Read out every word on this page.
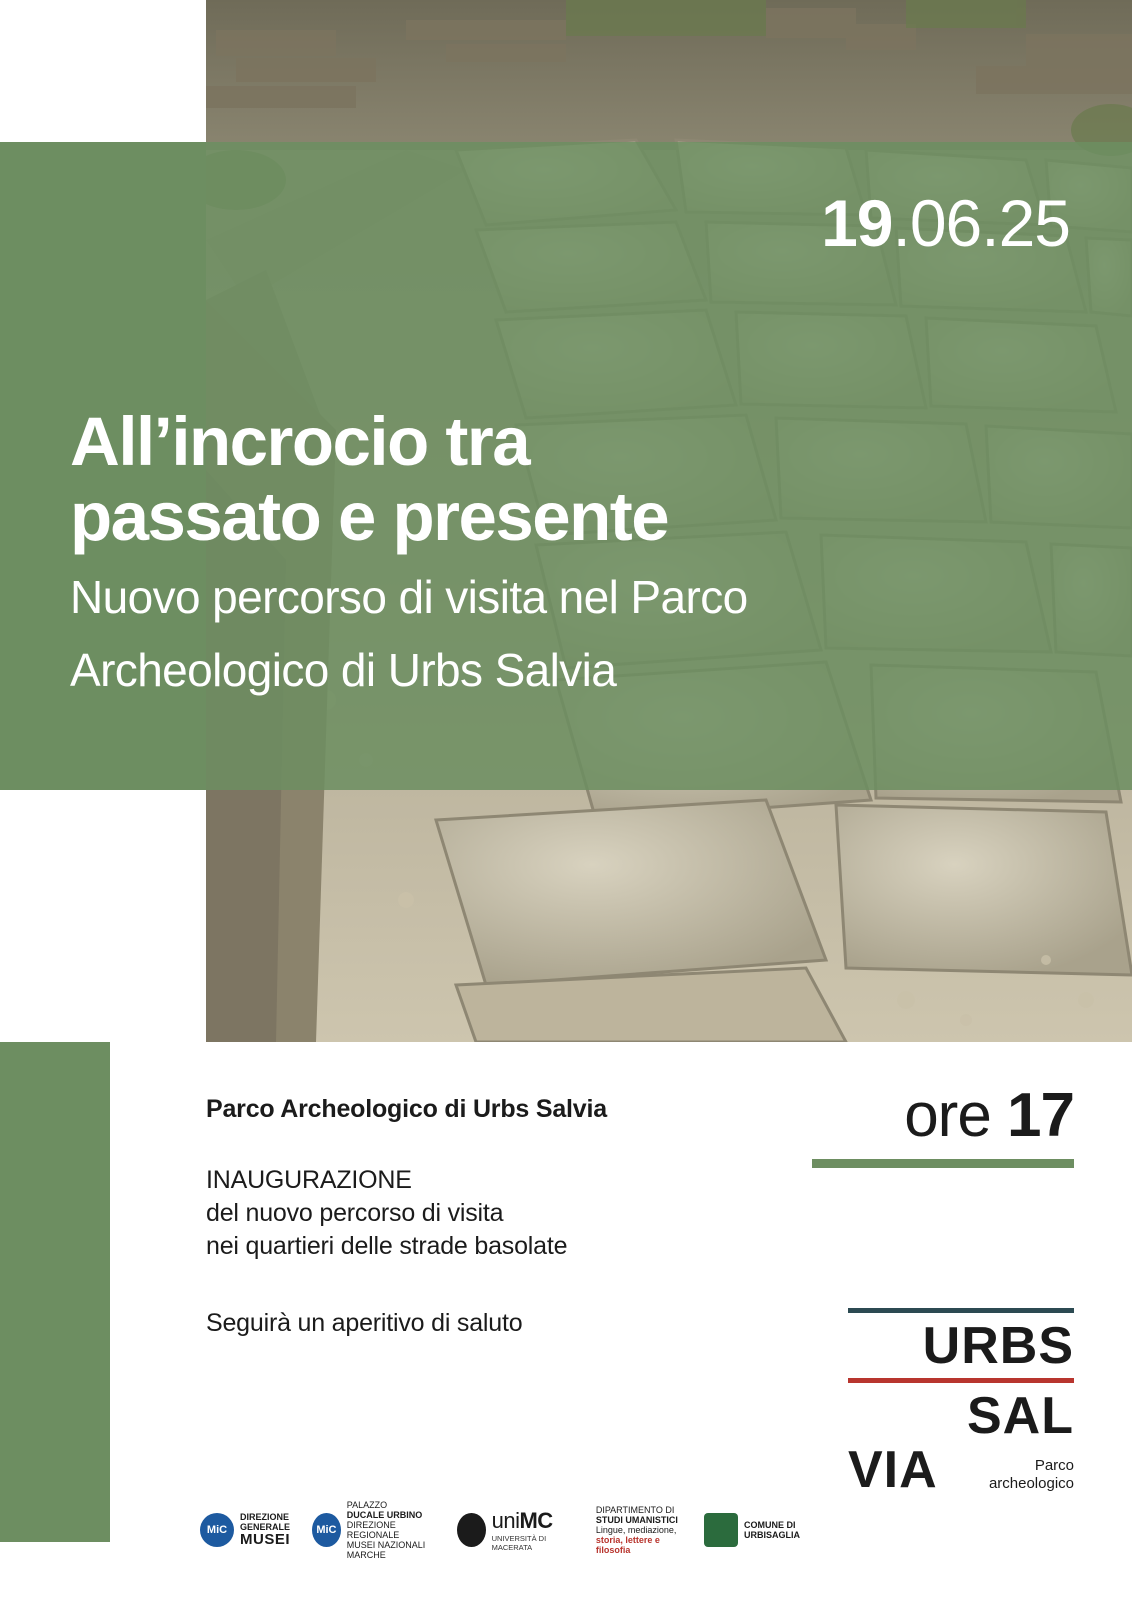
19.06.25
All’incrocio tra
passato e presente
Nuovo percorso di visita nel Parco
Archeologico di Urbs Salvia
Parco Archeologico di Urbs Salvia
INAUGURAZIONE
del nuovo percorso di visita
nei quartieri delle strade basolate
Seguirà un aperitivo di saluto
ore 17
URBS
SAL
VIA	Parco
archeologico
MiC
DIREZIONE
GENERALE
MUSEI
MiC
PALAZZO
DUCALE URBINO
DIREZIONE REGIONALE
MUSEI NAZIONALI
MARCHE
uniMC
UNIVERSITÀ DI MACERATA
DIPARTIMENTO DI
STUDI UMANISTICI
Lingue, mediazione,
storia, lettere e filosofia
COMUNE DI
URBISAGLIA
